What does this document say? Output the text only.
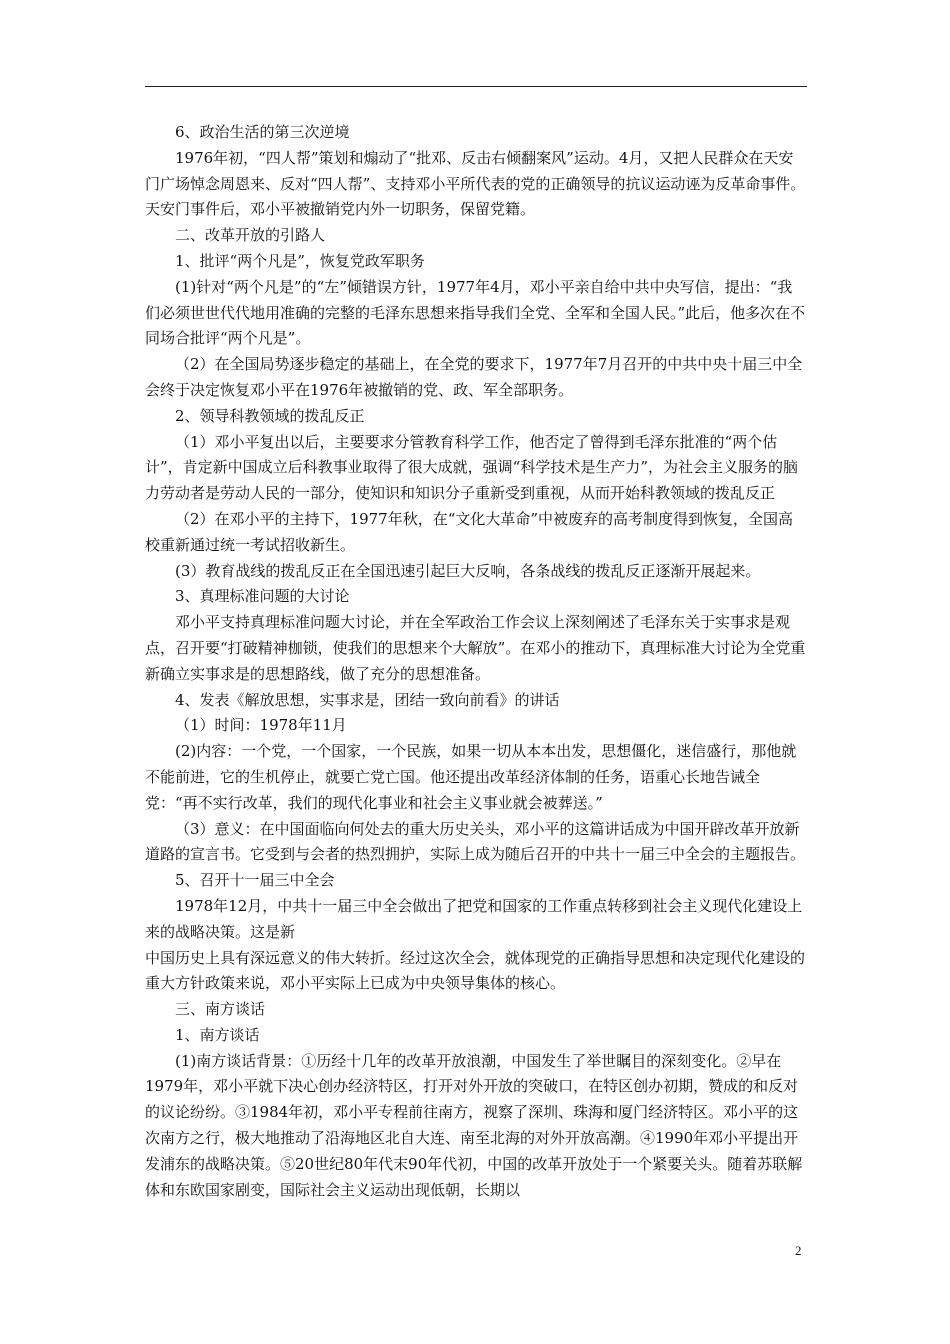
6、政治生活的第三次逆境

1976年初，“四人帮”策划和煽动了“批邓、反击右倾翻案风”运动。4月，又把人民群众在天安门广场悼念周恩来、反对“四人帮”、支持邓小平所代表的党的正确领导的抗议运动诬为反革命事件。天安门事件后，邓小平被撤销党内外一切职务，保留党籍。

二、改革开放的引路人

1、批评“两个凡是”，恢复党政军职务

(1)针对“两个凡是”的“左”倾错误方针，1977年4月，邓小平亲自给中共中央写信，提出：“我们必须世世代代地用准确的完整的毛泽东思想来指导我们全党、全军和全国人民。”此后，他多次在不同场合批评“两个凡是”。

（2）在全国局势逐步稳定的基础上，在全党的要求下，1977年7月召开的中共中央十届三中全会终于决定恢复邓小平在1976年被撤销的党、政、军全部职务。

2、领导科教领域的拨乱反正

（1）邓小平复出以后，主要要求分管教育科学工作，他否定了曾得到毛泽东批准的“两个估计”，肯定新中国成立后科教事业取得了很大成就，强调“科学技术是生产力”，为社会主义服务的脑力劳动者是劳动人民的一部分，使知识和知识分子重新受到重视，从而开始科教领域的拨乱反正

（2）在邓小平的主持下，1977年秋，在“文化大革命”中被废弃的高考制度得到恢复，全国高校重新通过统一考试招收新生。

(3）教育战线的拨乱反正在全国迅速引起巨大反响，各条战线的拨乱反正逐渐开展起来。

3、真理标准问题的大讨论

邓小平支持真理标准问题大讨论，并在全军政治工作会议上深刻阐述了毛泽东关于实事求是观点，召开要“打破精神枷锁，使我们的思想来个大解放”。在邓小的推动下，真理标准大讨论为全党重新确立实事求是的思想路线，做了充分的思想准备。

4、发表《解放思想，实事求是，团结一致向前看》的讲话

（1）时间：1978年11月

(2)内容：一个党，一个国家，一个民族，如果一切从本本出发，思想僵化，迷信盛行，那他就不能前进，它的生机停止，就要亡党亡国。他还提出改革经济体制的任务，语重心长地告诫全党：“再不实行改革，我们的现代化事业和社会主义事业就会被葬送。”

（3）意义：在中国面临向何处去的重大历史关头，邓小平的这篇讲话成为中国开辟改革开放新道路的宣言书。它受到与会者的热烈拥护，实际上成为随后召开的中共十一届三中全会的主题报告。

5、召开十一届三中全会

1978年12月，中共十一届三中全会做出了把党和国家的工作重点转移到社会主义现代化建设上来的战略决策。这是新

中国历史上具有深远意义的伟大转折。经过这次全会，就体现党的正确指导思想和决定现代化建设的重大方针政策来说，邓小平实际上已成为中央领导集体的核心。

三、南方谈话

1、南方谈话

(1)南方谈话背景：①历经十几年的改革开放浪潮，中国发生了举世瞩目的深刻变化。②早在1979年，邓小平就下决心创办经济特区，打开对外开放的突破口，在特区创办初期，赞成的和反对的议论纷纷。③1984年初，邓小平专程前往南方，视察了深圳、珠海和厦门经济特区。邓小平的这次南方之行，极大地推动了沿海地区北自大连、南至北海的对外开放高潮。④1990年邓小平提出开发浦东的战略决策。⑤20世纪80年代末90年代初，中国的改革开放处于一个紧要关头。随着苏联解体和东欧国家剧变，国际社会主义运动出现低朝，长期以

2
